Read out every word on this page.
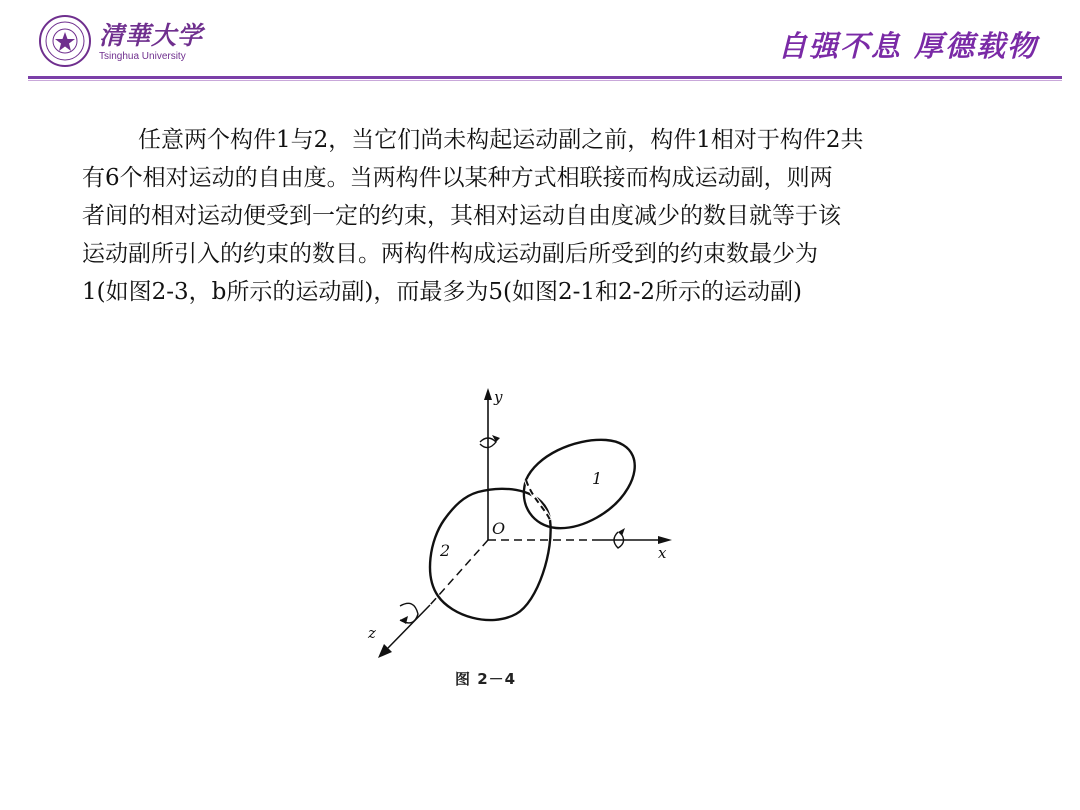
清華大学
Tsinghua University	自强不息 厚德载物
任意两个构件1与2，当它们尚未构起运动副之前，构件1相对于构件2共
有6个相对运动的自由度。当两构件以某种方式相联接而构成运动副，则两
者间的相对运动便受到一定的约束，其相对运动自由度减少的数目就等于该
运动副所引入的约束的数目。两构件构成运动副后所受到的约束数最少为
1(如图2-3，b所示的运动副)，而最多为5(如图2-1和2-2所示的运动副)
y
x
z
2
1
O
图 2－4
